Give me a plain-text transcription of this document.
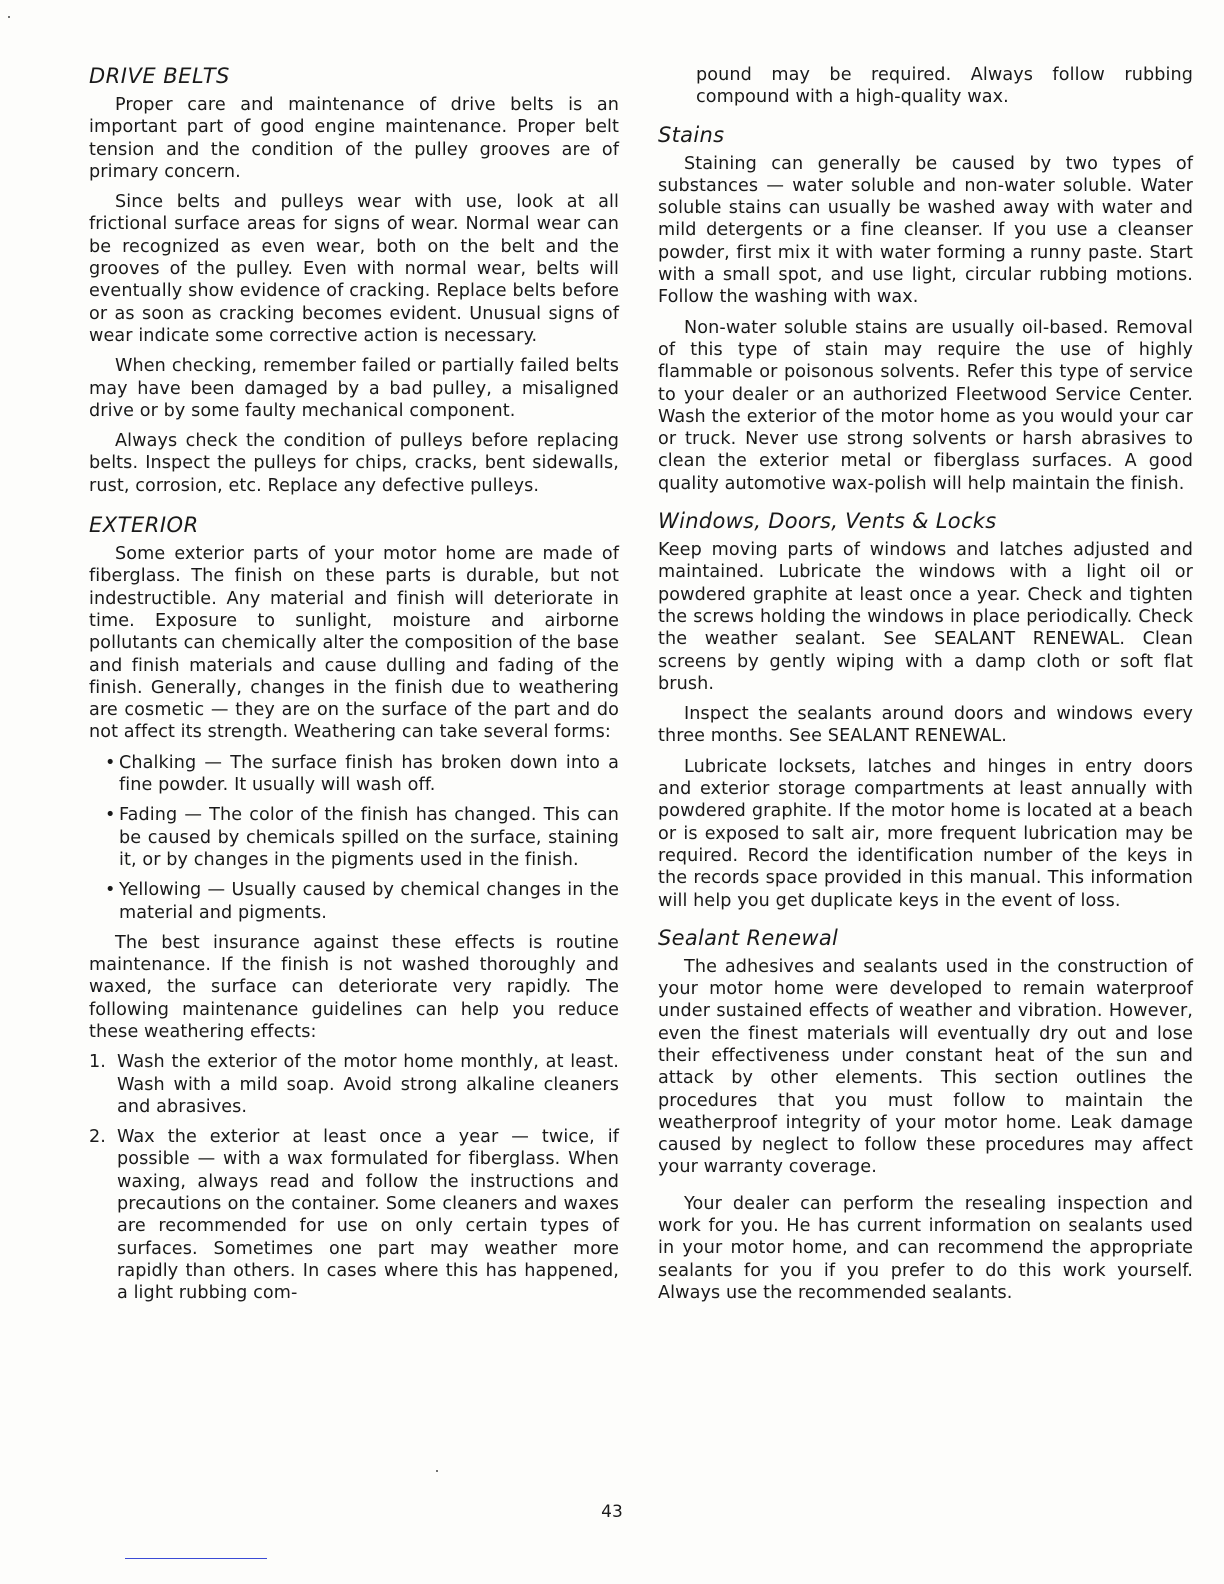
DRIVE BELTS

Proper care and maintenance of drive belts is an important part of good engine maintenance. Proper belt tension and the condition of the pulley grooves are of primary concern.

Since belts and pulleys wear with use, look at all frictional surface areas for signs of wear. Normal wear can be recognized as even wear, both on the belt and the grooves of the pulley. Even with normal wear, belts will eventually show evidence of cracking. Replace belts before or as soon as cracking becomes evident. Unusual signs of wear indicate some corrective action is necessary.

When checking, remember failed or partially failed belts may have been damaged by a bad pulley, a misaligned drive or by some faulty mechanical component.

Always check the condition of pulleys before replacing belts. Inspect the pulleys for chips, cracks, bent sidewalls, rust, corrosion, etc. Replace any defective pulleys.

EXTERIOR

Some exterior parts of your motor home are made of fiberglass. The finish on these parts is durable, but not indestructible. Any material and finish will deteriorate in time. Exposure to sunlight, moisture and airborne pollutants can chemically alter the composition of the base and finish materials and cause dulling and fading of the finish. Generally, changes in the finish due to weathering are cosmetic — they are on the surface of the part and do not affect its strength. Weathering can take several forms:

• Chalking — The surface finish has broken down into a fine powder. It usually will wash off.
• Fading — The color of the finish has changed. This can be caused by chemicals spilled on the surface, staining it, or by changes in the pigments used in the finish.
• Yellowing — Usually caused by chemical changes in the material and pigments.

The best insurance against these effects is routine maintenance. If the finish is not washed thoroughly and waxed, the surface can deteriorate very rapidly. The following maintenance guidelines can help you reduce these weathering effects:

1. Wash the exterior of the motor home monthly, at least. Wash with a mild soap. Avoid strong alkaline cleaners and abrasives.
2. Wax the exterior at least once a year — twice, if possible — with a wax formulated for fiberglass. When waxing, always read and follow the instructions and precautions on the container. Some cleaners and waxes are recommended for use on only certain types of surfaces. Sometimes one part may weather more rapidly than others. In cases where this has happened, a light rubbing com-

pound may be required. Always follow rubbing compound with a high-quality wax.

Stains

Staining can generally be caused by two types of substances — water soluble and non-water soluble. Water soluble stains can usually be washed away with water and mild detergents or a fine cleanser. If you use a cleanser powder, first mix it with water forming a runny paste. Start with a small spot, and use light, circular rubbing motions. Follow the washing with wax.

Non-water soluble stains are usually oil-based. Removal of this type of stain may require the use of highly flammable or poisonous solvents. Refer this type of service to your dealer or an authorized Fleetwood Service Center. Wash the exterior of the motor home as you would your car or truck. Never use strong solvents or harsh abrasives to clean the exterior metal or fiberglass surfaces. A good quality automotive wax-polish will help maintain the finish.

Windows, Doors, Vents & Locks

Keep moving parts of windows and latches adjusted and maintained. Lubricate the windows with a light oil or powdered graphite at least once a year. Check and tighten the screws holding the windows in place periodically. Check the weather sealant. See SEALANT RENEWAL. Clean screens by gently wiping with a damp cloth or soft flat brush.

Inspect the sealants around doors and windows every three months. See SEALANT RENEWAL.

Lubricate locksets, latches and hinges in entry doors and exterior storage compartments at least annually with powdered graphite. If the motor home is located at a beach or is exposed to salt air, more frequent lubrication may be required. Record the identification number of the keys in the records space provided in this manual. This information will help you get duplicate keys in the event of loss.

Sealant Renewal

The adhesives and sealants used in the construction of your motor home were developed to remain waterproof under sustained effects of weather and vibration. However, even the finest materials will eventually dry out and lose their effectiveness under constant heat of the sun and attack by other elements. This section outlines the procedures that you must follow to maintain the weatherproof integrity of your motor home. Leak damage caused by neglect to follow these procedures may affect your warranty coverage.

Your dealer can perform the resealing inspection and work for you. He has current information on sealants used in your motor home, and can recommend the appropriate sealants for you if you prefer to do this work yourself. Always use the recommended sealants.

43
